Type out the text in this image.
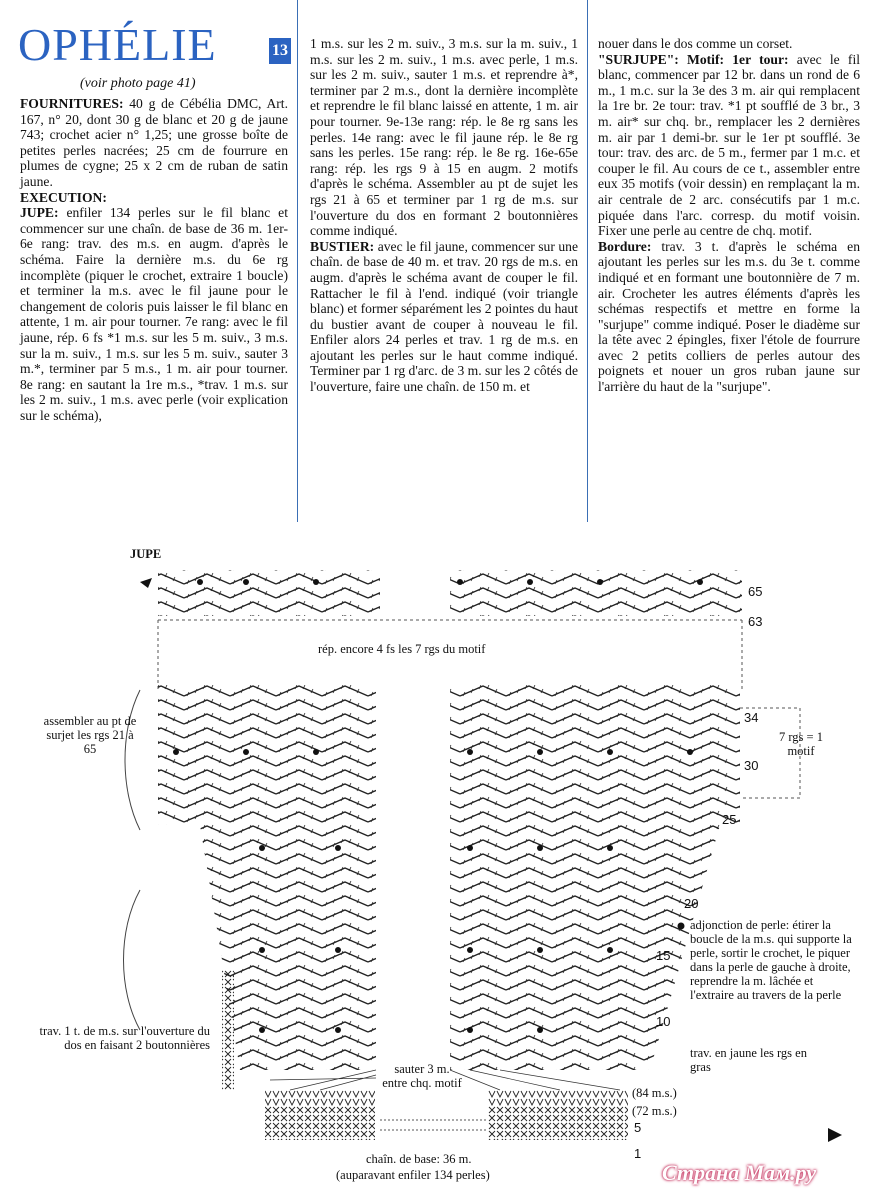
OPHÉLIE	13
(voir photo page 41)

FOURNITURES: 40 g de Cébélia DMC, Art. 167, n° 20, dont 30 g de blanc et 20 g de jaune 743; crochet acier n° 1,25; une grosse boîte de petites perles nacrées; 25 cm de fourrure en plumes de cygne; 25 x 2 cm de ruban de satin jaune.

EXECUTION:

JUPE: enfiler 134 perles sur le fil blanc et commencer sur une chaîn. de base de 36 m. 1er-6e rang: trav. des m.s. en augm. d'après le schéma. Faire la dernière m.s. du 6e rg incomplète (piquer le crochet, extraire 1 boucle) et terminer la m.s. avec le fil jaune pour le changement de coloris puis laisser le fil blanc en attente, 1 m. air pour tourner. 7e rang: avec le fil jaune, rép. 6 fs *1 m.s. sur les 5 m. suiv., 3 m.s. sur la m. suiv., 1 m.s. sur les 5 m. suiv., sauter 3 m.*, terminer par 5 m.s., 1 m. air pour tourner. 8e rang: en sautant la 1re m.s., *trav. 1 m.s. sur les 2 m. suiv., 1 m.s. avec perle (voir explication sur le schéma),

1 m.s. sur les 2 m. suiv., 3 m.s. sur la m. suiv., 1 m.s. sur les 2 m. suiv., 1 m.s. avec perle, 1 m.s. sur les 2 m. suiv., sauter 1 m.s. et reprendre à*, terminer par 2 m.s., dont la dernière incomplète et reprendre le fil blanc laissé en attente, 1 m. air pour tourner. 9e-13e rang: rép. le 8e rg sans les perles. 14e rang: avec le fil jaune rép. le 8e rg sans les perles. 15e rang: rép. le 8e rg. 16e-65e rang: rép. les rgs 9 à 15 en augm. 2 motifs d'après le schéma. Assembler au pt de sujet les rgs 21 à 65 et terminer par 1 rg de m.s. sur l'ouverture du dos en formant 2 boutonnières comme indiqué.

BUSTIER: avec le fil jaune, commencer sur une chaîn. de base de 40 m. et trav. 20 rgs de m.s. en augm. d'après le schéma avant de couper le fil. Rattacher le fil à l'end. indiqué (voir triangle blanc) et former séparément les 2 pointes du haut du bustier avant de couper à nouveau le fil. Enfiler alors 24 perles et trav. 1 rg de m.s. en ajoutant les perles sur le haut comme indiqué. Terminer par 1 rg d'arc. de 3 m. sur les 2 côtés de l'ouverture, faire une chaîn. de 150 m. et

nouer dans le dos comme un corset.

"SURJUPE": Motif: 1er tour: avec le fil blanc, commencer par 12 br. dans un rond de 6 m., 1 m.c. sur la 3e des 3 m. air qui remplacent la 1re br. 2e tour: trav. *1 pt soufflé de 3 br., 3 m. air* sur chq. br., remplacer les 2 dernières m. air par 1 demi-br. sur le 1er pt soufflé. 3e tour: trav. des arc. de 5 m., fermer par 1 m.c. et couper le fil. Au cours de ce t., assembler entre eux 35 motifs (voir dessin) en remplaçant la m. air centrale de 2 arc. consécutifs par 1 m.c. piquée dans l'arc. corresp. du motif voisin. Fixer une perle au centre de chq. motif.

Bordure: trav. 3 t. d'après le schéma en ajoutant les perles sur les m.s. du 3e t. comme indiqué et en formant une boutonnière de 7 m. air. Crocheter les autres éléments d'après les schémas respectifs et mettre en forme la "surjupe" comme indiqué. Poser le diadème sur la tête avec 2 épingles, fixer l'étole de fourrure avec 2 petits colliers de perles autour des poignets et nouer un gros ruban jaune sur l'arrière du haut de la "surjupe".

JUPE
rép. encore 4 fs les 7 rgs du motif
assembler au pt de surjet les rgs 21 à 65
7 rgs = 1 motif
adjonction de perle: étirer la boucle de la m.s. qui supporte la perle, sortir le crochet, le piquer dans la perle de gauche à droite, reprendre la m. lâchée et l'extraire au travers de la perle
trav. en jaune les rgs en gras
trav. 1 t. de m.s. sur l'ouverture du dos en faisant 2 boutonnières
sauter 3 m. entre chq. motif
(84 m.s.)
(72 m.s.)
chaîn. de base: 36 m.
(auparavant enfiler 134 perles)
65
63
34
30
25
20
15
10
5
1
Страна Мам.ру
